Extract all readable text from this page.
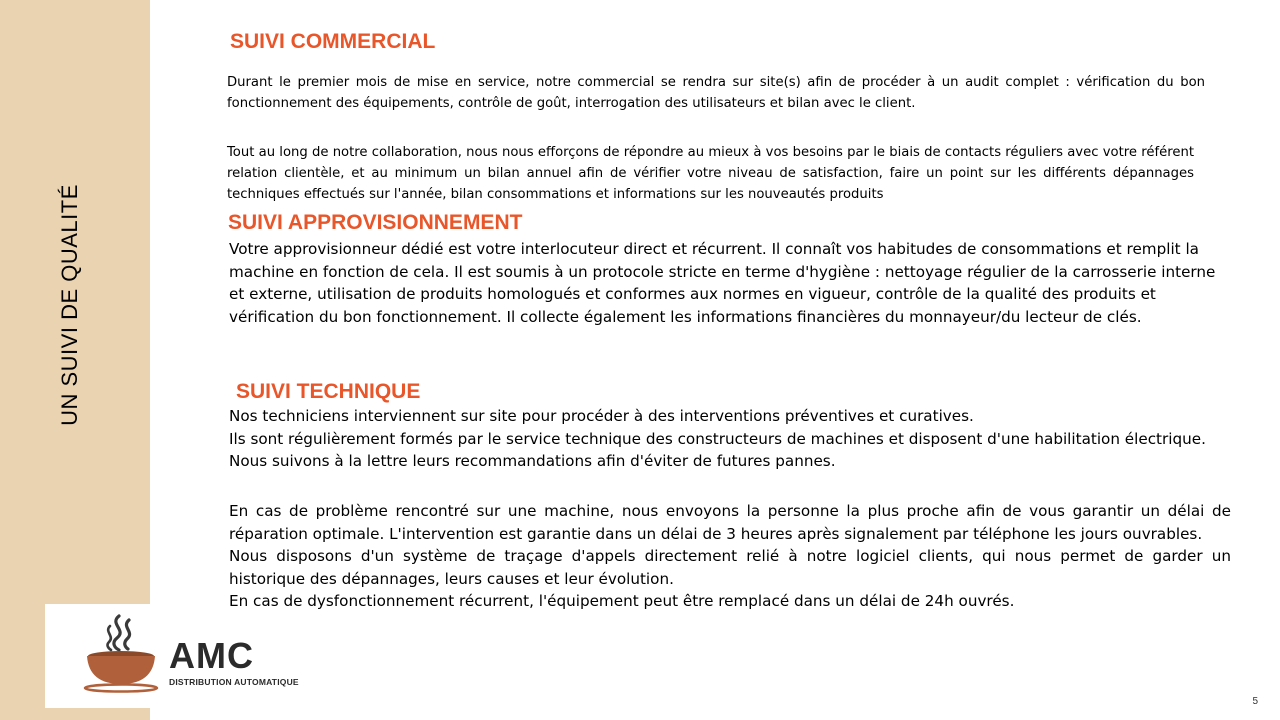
UN SUIVI DE QUALITÉ
AMC
DISTRIBUTION AUTOMATIQUE
SUIVI COMMERCIAL

Durant le premier mois de mise en service, notre commercial se rendra sur site(s) afin de procéder à un audit complet : vérification du bon fonctionnement des équipements, contrôle de goût, interrogation des utilisateurs et bilan avec le client.

Tout au long de notre collaboration, nous nous efforçons de répondre au mieux à vos besoins par le biais de contacts réguliers avec votre référent relation clientèle, et au minimum un bilan annuel afin de vérifier votre niveau de satisfaction, faire un point sur les différents dépannages techniques effectués sur l'année, bilan consommations et informations sur les nouveautés produits

SUIVI APPROVISIONNEMENT

Votre approvisionneur dédié est votre interlocuteur direct et récurrent. Il connaît vos habitudes de consommations et remplit la machine en fonction de cela. Il est soumis à un protocole stricte en terme d'hygiène : nettoyage régulier de la carrosserie interne et externe, utilisation de produits homologués et conformes aux normes en vigueur, contrôle de la qualité des produits et vérification du bon fonctionnement. Il collecte également les informations financières du monnayeur/du lecteur de clés.

SUIVI TECHNIQUE
Nos techniciens interviennent sur site pour procéder à des interventions préventives et curatives.
Ils sont régulièrement formés par le service technique des constructeurs de machines et disposent d'une habilitation électrique.
Nous suivons à la lettre leurs recommandations afin d'éviter de futures pannes.
En cas de problème rencontré sur une machine, nous envoyons la personne la plus proche afin de vous garantir un délai de réparation optimale. L'intervention est garantie dans un délai de 3 heures après signalement par téléphone les jours ouvrables.
Nous disposons d'un système de traçage d'appels directement relié à notre logiciel clients, qui nous permet de garder un historique des dépannages, leurs causes et leur évolution.
En cas de dysfonctionnement récurrent, l'équipement peut être remplacé dans un délai de 24h ouvrés.
5
